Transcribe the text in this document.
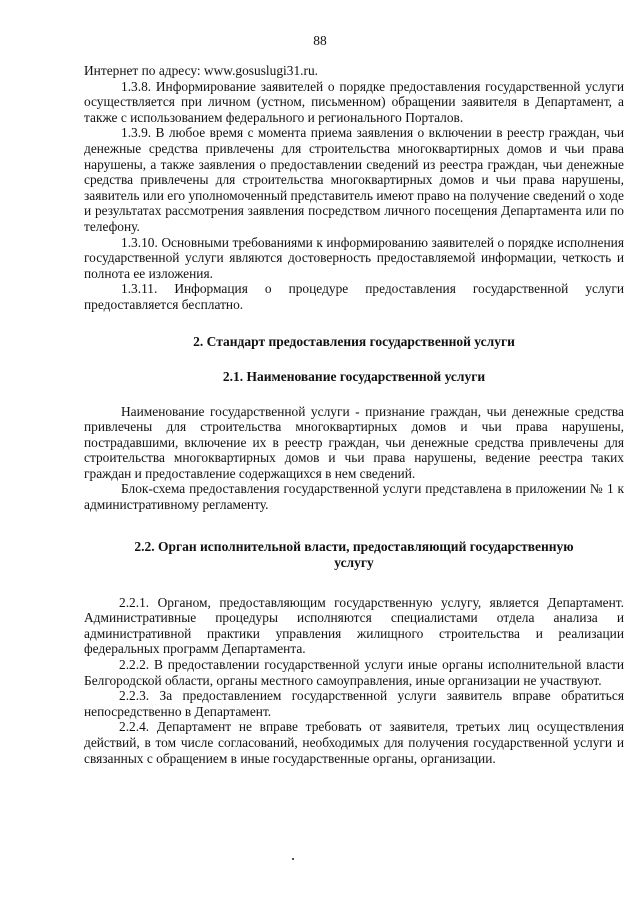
88

Интернет по адресу: www.gosuslugi31.ru.

1.3.8. Информирование заявителей о порядке предоставления государственной услуги осуществляется при личном (устном, письменном) обращении заявителя в Департамент, а также с использованием федерального и регионального Порталов.

1.3.9. В любое время с момента приема заявления о включении в реестр граждан, чьи денежные средства привлечены для строительства многоквартирных домов и чьи права нарушены, а также заявления о предоставлении сведений из реестра граждан, чьи денежные средства привлечены для строительства многоквартирных домов и чьи права нарушены, заявитель или его уполномоченный представитель имеют право на получение сведений о ходе и результатах рассмотрения заявления посредством личного посещения Департамента или по телефону.

1.3.10. Основными требованиями к информированию заявителей о порядке исполнения государственной услуги являются достоверность предоставляемой информации, четкость и полнота ее изложения.

1.3.11. Информация о процедуре предоставления государственной услуги предоставляется бесплатно.

2. Стандарт предоставления государственной услуги
2.1. Наименование государственной услуги

Наименование государственной услуги - признание граждан, чьи денежные средства привлечены для строительства многоквартирных домов и чьи права нарушены, пострадавшими, включение их в реестр граждан, чьи денежные средства привлечены для строительства многоквартирных домов и чьи права нарушены, ведение реестра таких граждан и предоставление содержащихся в нем сведений.

Блок-схема предоставления государственной услуги представлена в приложении № 1 к административному регламенту.

2.2. Орган исполнительной власти, предоставляющий государственную услугу

2.2.1. Органом, предоставляющим государственную услугу, является Департамент. Административные процедуры исполняются специалистами отдела анализа и административной практики управления жилищного строительства и реализации федеральных программ Департамента.

2.2.2. В предоставлении государственной услуги иные органы исполнительной власти Белгородской области, органы местного самоуправления, иные организации не участвуют.

2.2.3. За предоставлением государственной услуги заявитель вправе обратиться непосредственно в Департамент.

2.2.4. Департамент не вправе требовать от заявителя, третьих лиц осуществления действий, в том числе согласований, необходимых для получения государственной услуги и связанных с обращением в иные государственные органы, организации.
